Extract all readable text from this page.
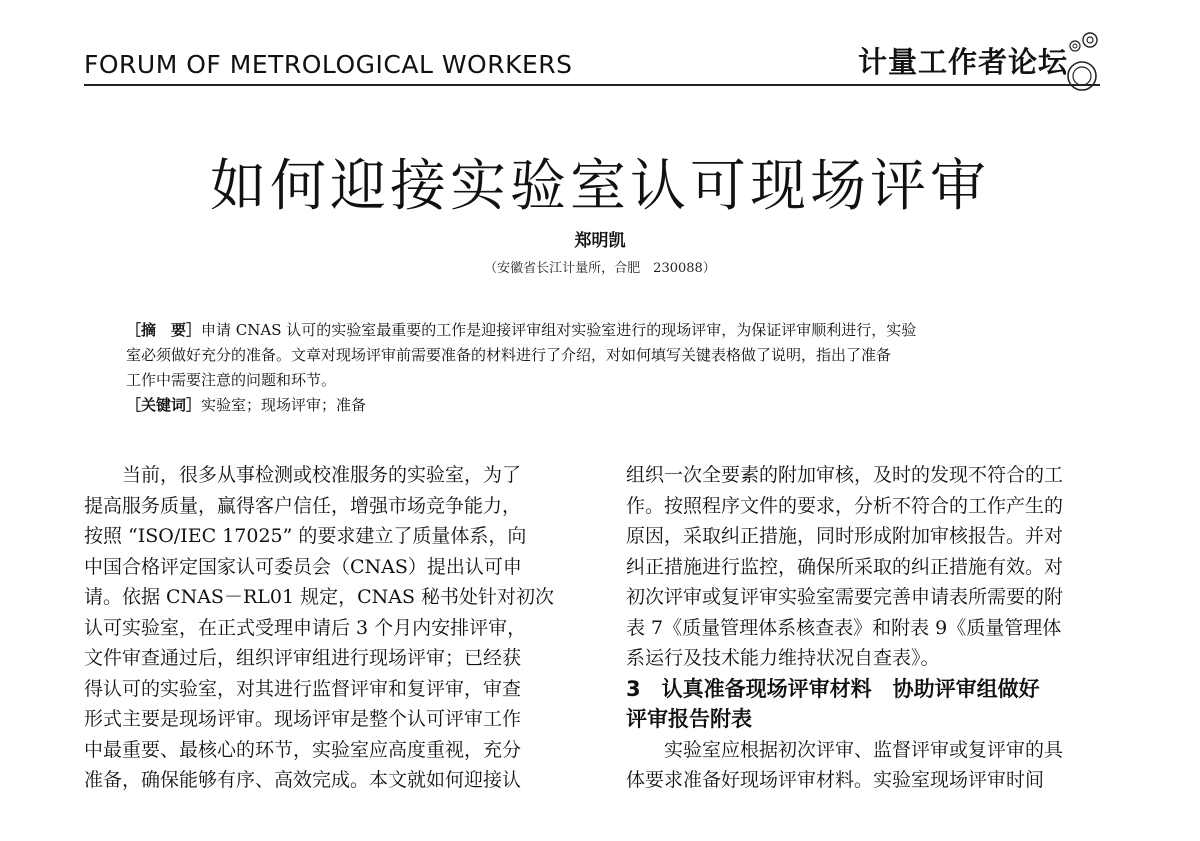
FORUM OF METROLOGICAL WORKERS	计量工作者论坛
如何迎接实验室认可现场评审
郑明凯
（安徽省长江计量所，合肥　230088）
［摘　要］申请 CNAS 认可的实验室最重要的工作是迎接评审组对实验室进行的现场评审，为保证评审顺利进行，实验
室必须做好充分的准备。文章对现场评审前需要准备的材料进行了介绍，对如何填写关键表格做了说明，指出了准备
工作中需要注意的问题和环节。
［关键词］实验室；现场评审；准备
　　当前，很多从事检测或校准服务的实验室，为了
提高服务质量，赢得客户信任，增强市场竞争能力，
按照 “ISO/IEC 17025” 的要求建立了质量体系，向
中国合格评定国家认可委员会（CNAS）提出认可申
请。依据 CNAS－RL01 规定，CNAS 秘书处针对初次
认可实验室，在正式受理申请后 3 个月内安排评审，
文件审查通过后，组织评审组进行现场评审；已经获
得认可的实验室，对其进行监督评审和复评审，审查
形式主要是现场评审。现场评审是整个认可评审工作
中最重要、最核心的环节，实验室应高度重视，充分
准备，确保能够有序、高效完成。本文就如何迎接认
组织一次全要素的附加审核，及时的发现不符合的工
作。按照程序文件的要求，分析不符合的工作产生的
原因，采取纠正措施，同时形成附加审核报告。并对
纠正措施进行监控，确保所采取的纠正措施有效。对
初次评审或复评审实验室需要完善申请表所需要的附
表 7《质量管理体系核查表》和附表 9《质量管理体
系运行及技术能力维持状况自查表》。
3　认真准备现场评审材料　协助评审组做好
评审报告附表
　　实验室应根据初次评审、监督评审或复评审的具
体要求准备好现场评审材料。实验室现场评审时间
